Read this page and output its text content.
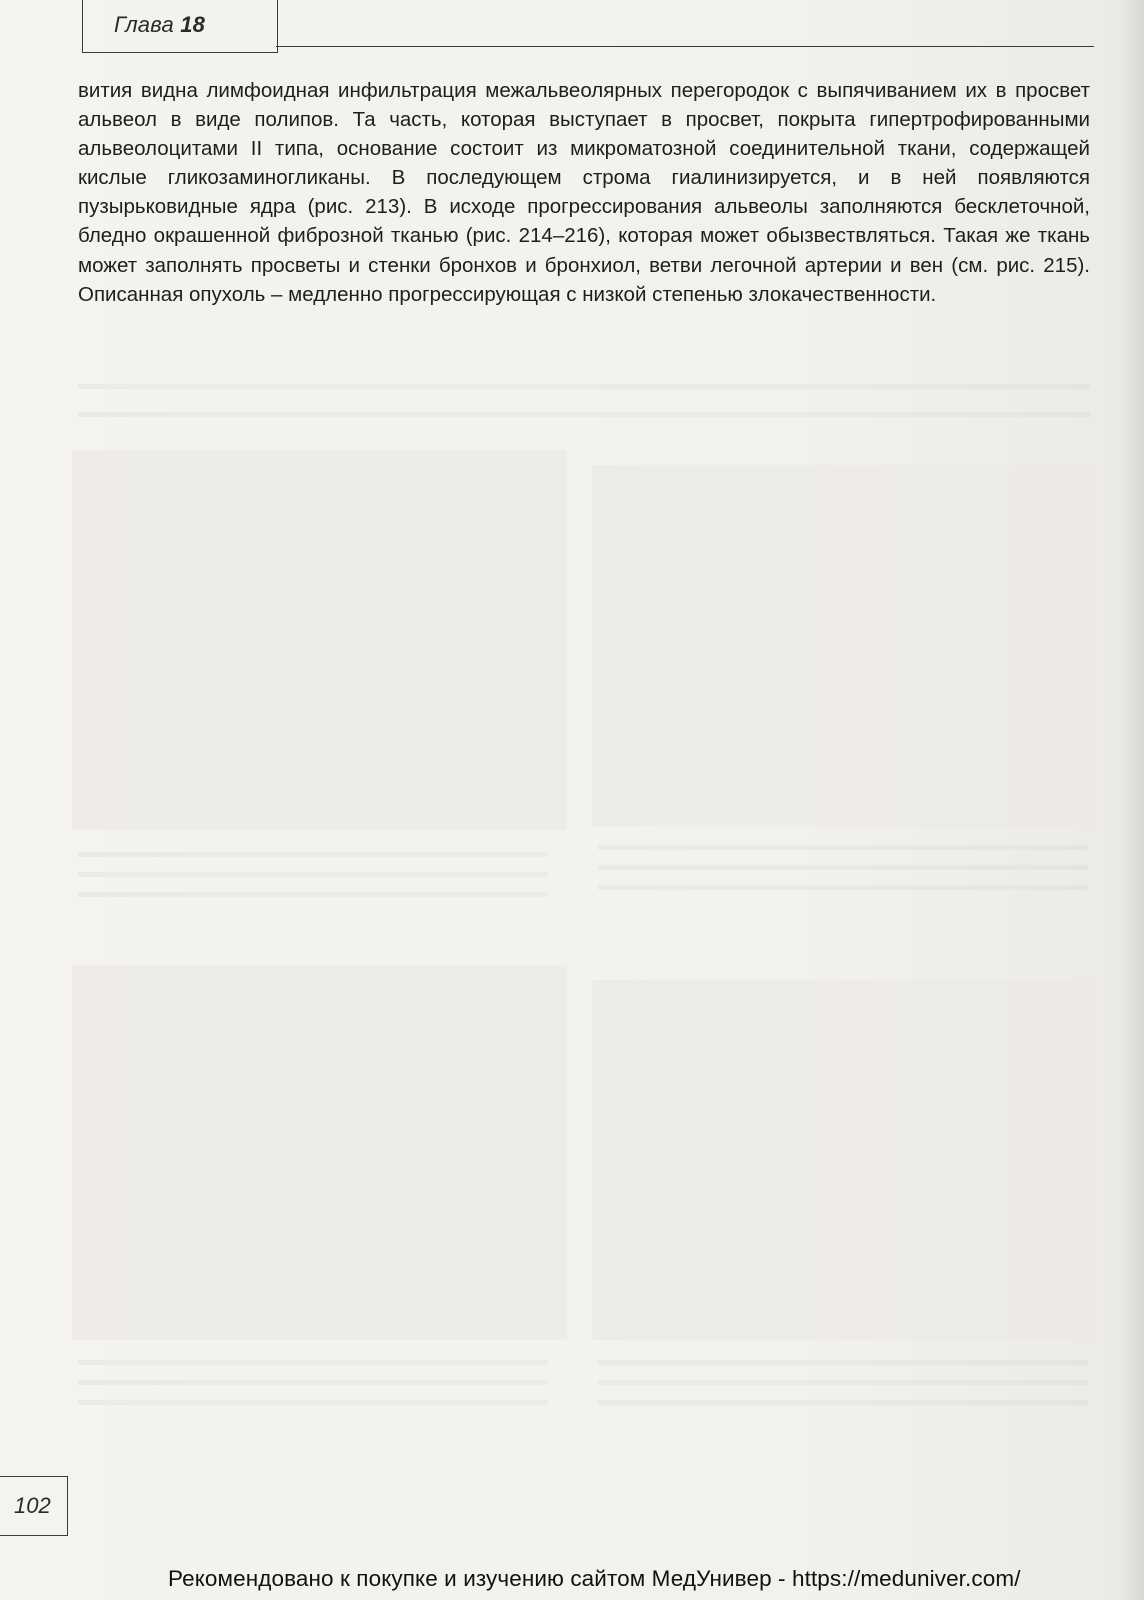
Глава 18

вития видна лимфоидная инфильтрация межальвеолярных перегородок с выпячиванием их в просвет альвеол в виде полипов. Та часть, которая выступает в просвет, покрыта гипертрофированными альвеолоцитами II типа, основание состоит из микроматозной соединительной ткани, содержащей кислые гликозаминогликаны. В последующем строма гиалинизируется, и в ней появляются пузырьковидные ядра (рис. 213). В исходе прогрессирования альвеолы заполняются бесклеточной, бледно окрашенной фиброзной тканью (рис. 214–216), которая может обызвествляться. Такая же ткань может заполнять просветы и стенки бронхов и бронхиол, ветви легочной артерии и вен (см. рис. 215). Описанная опухоль – медленно прогрессирующая с низкой степенью злокачественности.

102
Рекомендовано к покупке и изучению сайтом МедУнивер - https://meduniver.com/
